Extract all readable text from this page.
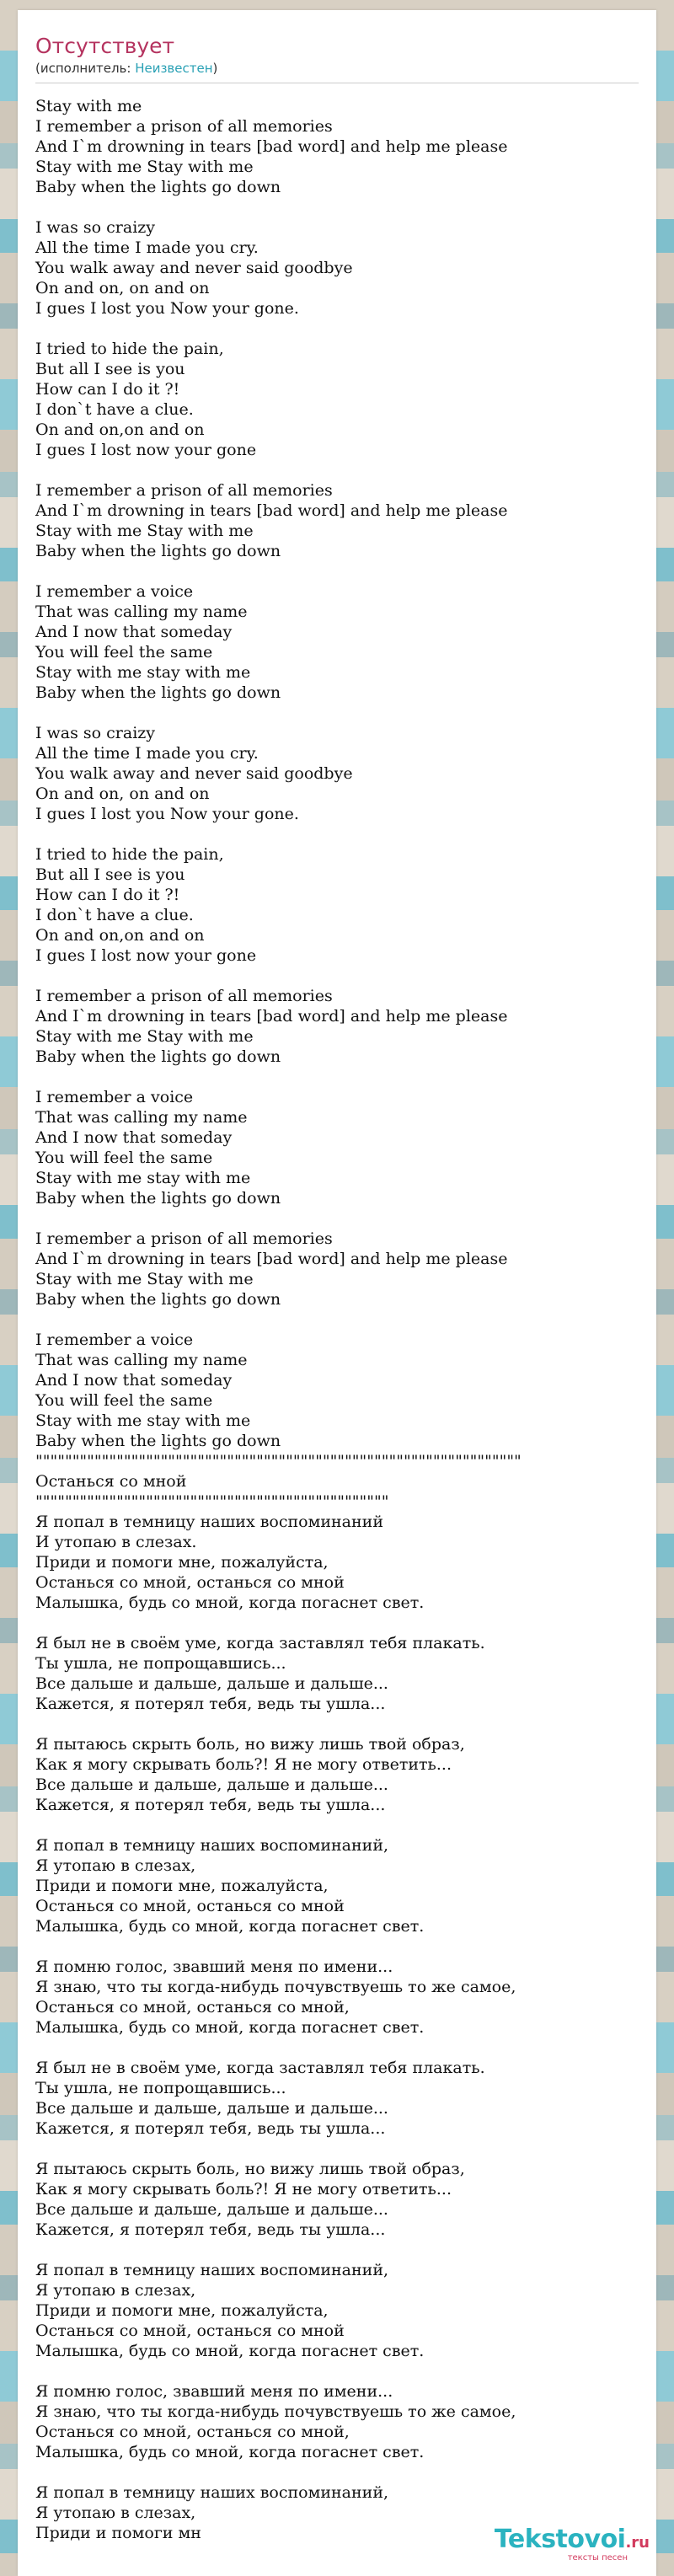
Отсутствует
(исполнитель: Неизвестен)
Stay with me
I remember a prison of all memories
And I`m drowning in tears [bad word] and help me please
Stay with me Stay with me
Baby when the lights go down

I was so craizy
All the time I made you cry.
You walk away and never said goodbye
On and on, on and on
I gues I lost you Now your gone.

I tried to hide the pain,
But all I see is you
How can I do it ?!
I don`t have a clue.
On and on,on and on
I gues I lost now your gone

I remember a prison of all memories
And I`m drowning in tears [bad word] and help me please
Stay with me Stay with me
Baby when the lights go down

I remember a voice
That was calling my name
And I now that someday
You will feel the same
Stay with me stay with me
Baby when the lights go down

I was so craizy
All the time I made you cry.
You walk away and never said goodbye
On and on, on and on
I gues I lost you Now your gone.

I tried to hide the pain,
But all I see is you
How can I do it ?!
I don`t have a clue.
On and on,on and on
I gues I lost now your gone

I remember a prison of all memories
And I`m drowning in tears [bad word] and help me please
Stay with me Stay with me
Baby when the lights go down

I remember a voice
That was calling my name
And I now that someday
You will feel the same
Stay with me stay with me
Baby when the lights go down

I remember a prison of all memories
And I`m drowning in tears [bad word] and help me please
Stay with me Stay with me
Baby when the lights go down

I remember a voice
That was calling my name
And I now that someday
You will feel the same
Stay with me stay with me
Baby when the lights go down
""""""""""""""""""""""""""""""""""""""""""""""""""""""""""""""""""
Останься со мной
""""""""""""""""""""""""""""""""""""""""""""""""
Я попал в темницу наших воспоминаний
И утопаю в слезах.
Приди и помоги мне, пожалуйста,
Останься со мной, останься со мной
Малышка, будь со мной, когда погаснет свет.

Я был не в своём уме, когда заставлял тебя плакать.
Ты ушла, не попрощавшись...
Все дальше и дальше, дальше и дальше...
Кажется, я потерял тебя, ведь ты ушла...

Я пытаюсь скрыть боль, но вижу лишь твой образ,
Как я могу скрывать боль?! Я не могу ответить...
Все дальше и дальше, дальше и дальше...
Кажется, я потерял тебя, ведь ты ушла...

Я попал в темницу наших воспоминаний,
Я утопаю в слезах,
Приди и помоги мне, пожалуйста,
Останься со мной, останься со мной
Малышка, будь со мной, когда погаснет свет.

Я помню голос, звавший меня по имени...
Я знаю, что ты когда-нибудь почувствуешь то же самое,
Останься со мной, останься со мной,
Малышка, будь со мной, когда погаснет свет.

Я был не в своём уме, когда заставлял тебя плакать.
Ты ушла, не попрощавшись...
Все дальше и дальше, дальше и дальше...
Кажется, я потерял тебя, ведь ты ушла...

Я пытаюсь скрыть боль, но вижу лишь твой образ,
Как я могу скрывать боль?! Я не могу ответить...
Все дальше и дальше, дальше и дальше...
Кажется, я потерял тебя, ведь ты ушла...

Я попал в темницу наших воспоминаний,
Я утопаю в слезах,
Приди и помоги мне, пожалуйста,
Останься со мной, останься со мной
Малышка, будь со мной, когда погаснет свет.

Я помню голос, звавший меня по имени...
Я знаю, что ты когда-нибудь почувствуешь то же самое,
Останься со мной, останься со мной,
Малышка, будь со мной, когда погаснет свет.

Я попал в темницу наших воспоминаний,
Я утопаю в слезах,
Приди и помоги мн	Tekstovoi.ru
тексты песен
